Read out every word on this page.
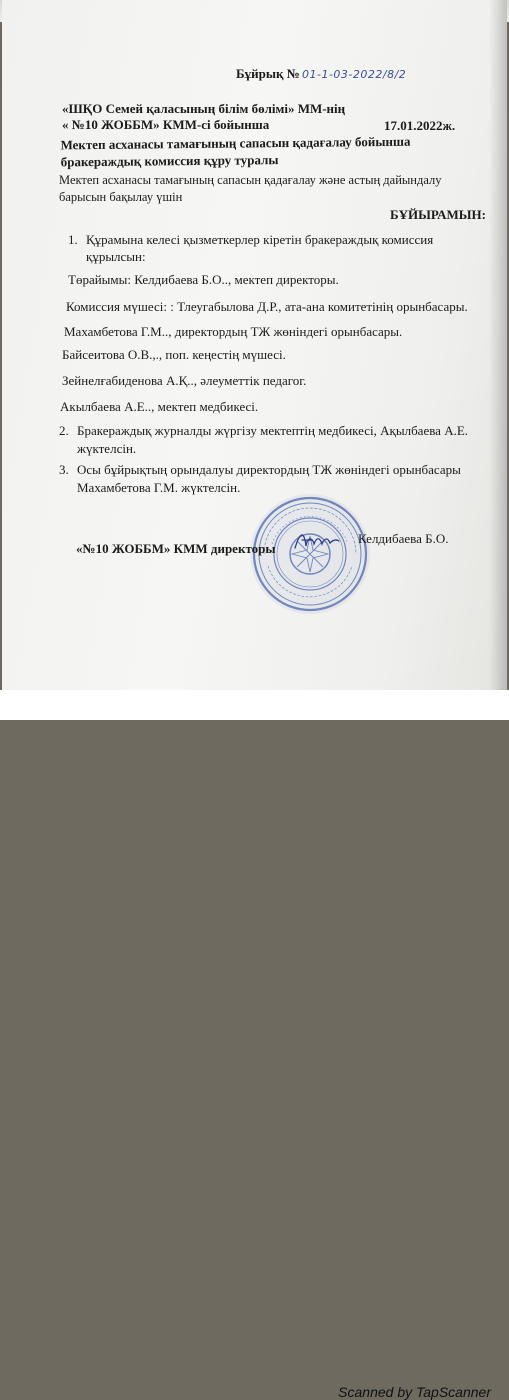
Бұйрық № 01-1-03-2022/8/2
«ШҚО Семей қаласының білім бөлімі» ММ-нің
« №10 ЖОББМ» КММ-сі бойынша	17.01.2022ж.
Мектеп асханасы тамағының сапасын қадағалау бойынша
бракераждық комиссия құру туралы
Мектеп асханасы тамағының сапасын қадағалау және астың дайындалу
барысын бақылау үшін
БҰЙЫРАМЫН:
1. Құрамына келесі қызметкерлер кіретін бракераждық комиссия
құрылсын:
Төрайымы: Келдибаева Б.О.., мектеп директоры.
Комиссия мүшесі: : Тлеугабылова Д.Р., ата-ана комитетінің орынбасары.
Махамбетова Г.М.., директордың ТЖ жөніндегі орынбасары.
Байсеитова О.В.,., поп. кеңестің мүшесі.
Зейнелғабиденова А.Қ.., әлеуметтік педагог.
Акылбаева А.Е.., мектеп медбикесі.
2. Бракераждық журналды жүргізу мектептің медбикесі, Ақылбаева А.Е.
жүктелсін.
3. Осы бұйрықтың орындалуы директордың ТЖ жөніндегі орынбасары
Махамбетова Г.М. жүктелсін.
«№10 ЖОББМ» КММ директоры
Келдибаева Б.О.
Scanned by TapScanner
